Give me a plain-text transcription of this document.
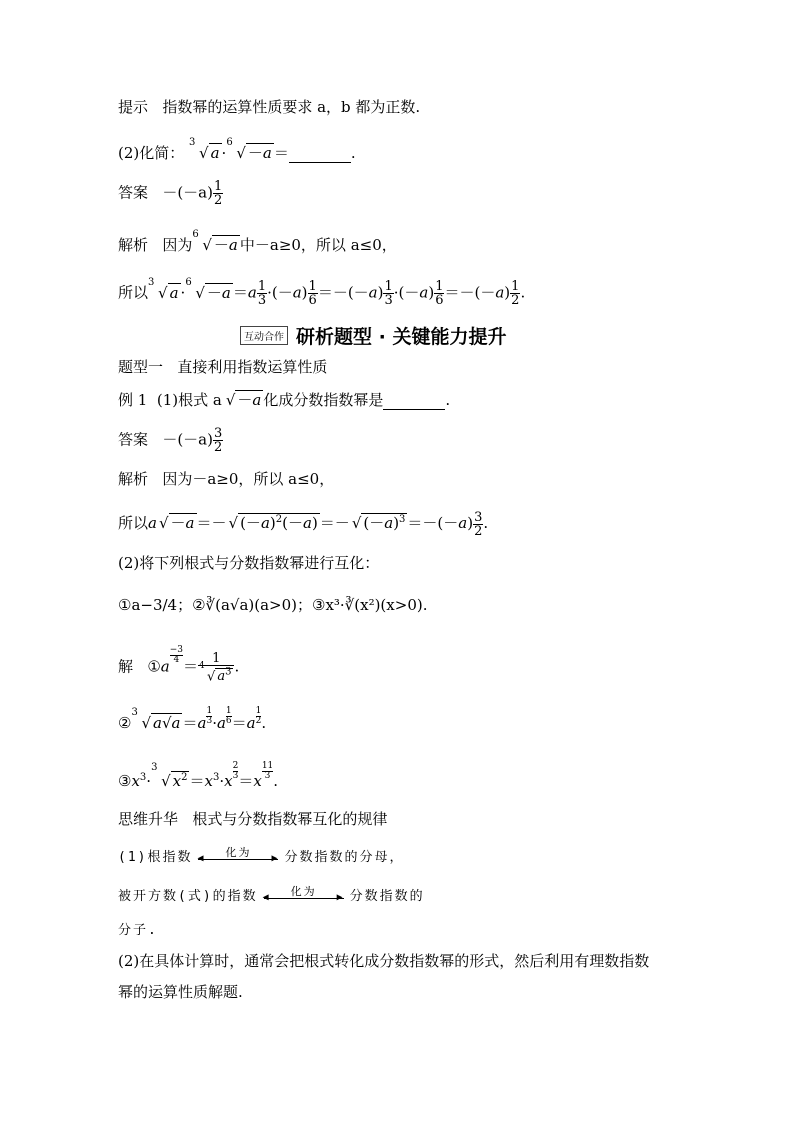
提示 指数幂的运算性质要求 a，b 都为正数.
(2)化简：
3
√ a ·
6
√ －a ＝	.
答案 $-(-a) \frac{1}{2}$
解析 因为
6
√ －a 中－a≥0，所以 a≤0，
所以
3
√ a ·
6
√ $-a =a \frac{1}{3} \cdot(-a) \frac{1}{6} =-(-a) \frac{1}{3} \cdot(-a) \frac{1}{6} =-(-a) \frac{1}{2}$ .
互动合作 研析题型 · 关键能力提升
题型一 直接利用指数运算性质
例 1 (1)根式 a √ －a 化成分数指数幂是	.
答案 $-(-a) \frac{3}{2}$
解析 因为－a≥0，所以 a≤0，
所以a √ －a ＝－ √ $(-a)^2(-a)$ ＝－ √ $(-a)^3 =-(-a) \frac{3}{2}$ .
(2)将下列根式与分数指数幂进行互化：
①a−3/4；②∛(a√a)(a>0)；③x³·∛(x²)(x>0).
解   ①a
$\frac{-3}{4}$
＝ 1
4
√ $a^3$ .
②
3
√ $a√a =a \frac{1}{3} \cdot a \frac{1}{6} =a \frac{1}{2}$ .
$③x^3\cdot$
3
√ $x^2 =x^3\cdot x \frac{2}{3} =x \frac{11}{3}$ .
思维升华 根式与分数指数幂互化的规律
(1)根指数	化为
◀	▶ 分数指数的分母，
被开方数(式)的指数	化为
◀	▶ 分数指数的
分子.
(2)在具体计算时，通常会把根式转化成分数指数幂的形式，然后利用有理数指数
幂的运算性质解题.
